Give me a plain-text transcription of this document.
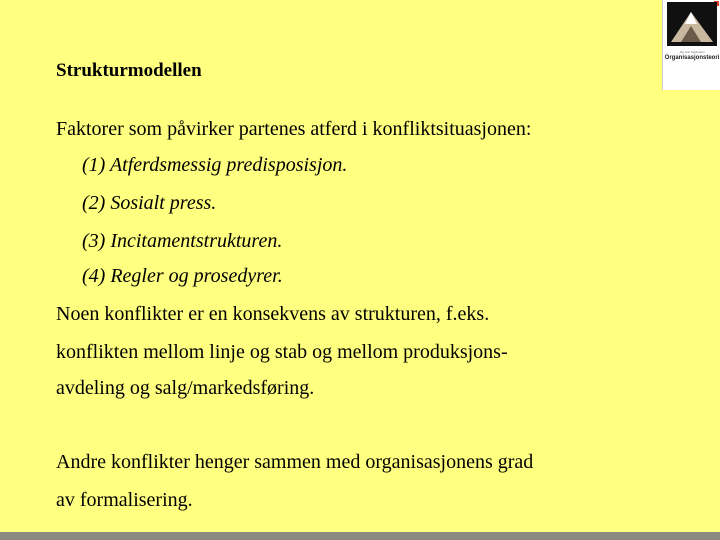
Strukturmodellen
Faktorer som påvirker partenes atferd i konfliktsituasjonen:
(1) Atferdsmessig predisposisjon.
(2) Sosialt press.
(3) Incitamentstrukturen.
(4) Regler og prosedyrer.
Noen konflikter er en konsekvens av strukturen, f.eks.
konflikten mellom linje og stab og mellom produksjons-
avdeling og salg/markedsføring.
Andre konflikter henger sammen med organisasjonens grad
av formalisering.
Jan Ivar Kaufmann
Organisasjonsteori
